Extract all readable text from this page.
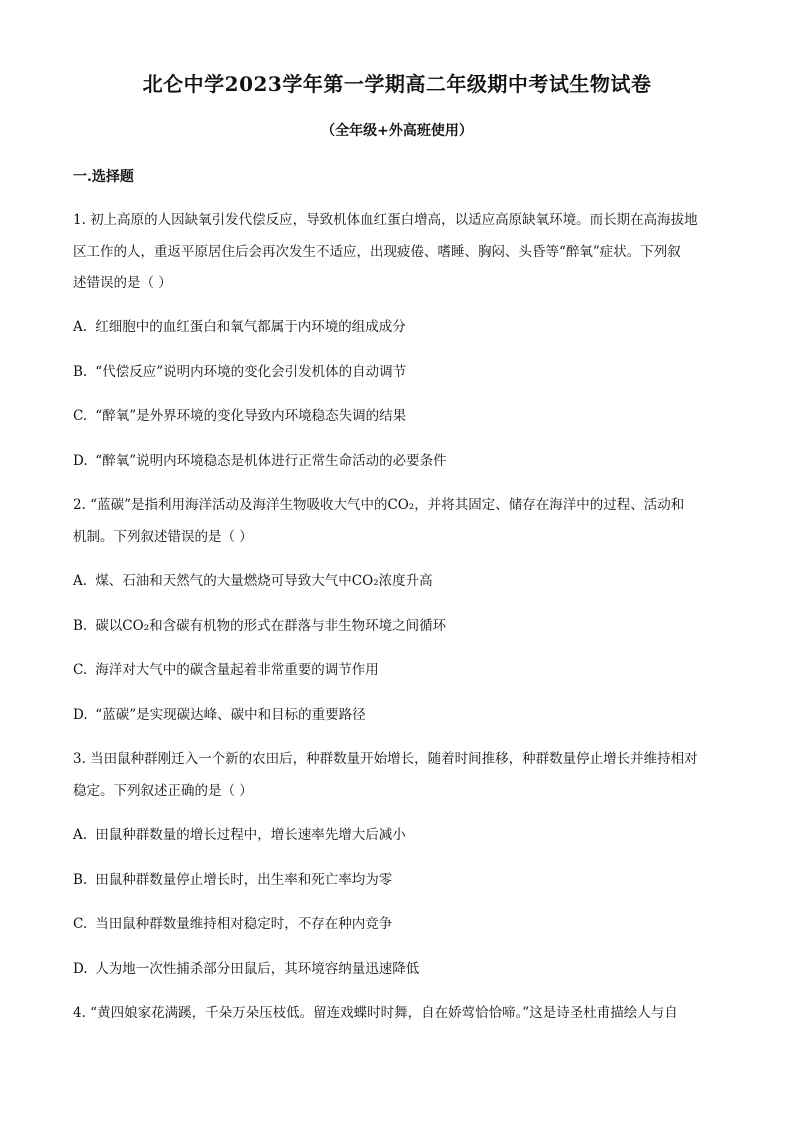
北仑中学2023学年第一学期高二年级期中考试生物试卷
（全年级+外高班使用）
一.选择题
1. 初上高原的人因缺氧引发代偿反应，导致机体血红蛋白增高，以适应高原缺氧环境。而长期在高海拔地
区工作的人，重返平原居住后会再次发生不适应，出现疲倦、嗜睡、胸闷、头昏等“醉氧”症状。下列叙
述错误的是（ ）
A. 红细胞中的血红蛋白和氧气都属于内环境的组成成分
B. “代偿反应”说明内环境的变化会引发机体的自动调节
C. “醉氧”是外界环境的变化导致内环境稳态失调的结果
D. “醉氧”说明内环境稳态是机体进行正常生命活动的必要条件
2. “蓝碳”是指利用海洋活动及海洋生物吸收大气中的CO₂，并将其固定、储存在海洋中的过程、活动和
机制。下列叙述错误的是（ ）
A. 煤、石油和天然气的大量燃烧可导致大气中CO₂浓度升高
B. 碳以CO₂和含碳有机物的形式在群落与非生物环境之间循环
C. 海洋对大气中的碳含量起着非常重要的调节作用
D. “蓝碳”是实现碳达峰、碳中和目标的重要路径
3. 当田鼠种群刚迁入一个新的农田后，种群数量开始增长，随着时间推移，种群数量停止增长并维持相对
稳定。下列叙述正确的是（ ）
A. 田鼠种群数量的增长过程中，增长速率先增大后减小
B. 田鼠种群数量停止增长时，出生率和死亡率均为零
C. 当田鼠种群数量维持相对稳定时，不存在种内竞争
D. 人为地一次性捕杀部分田鼠后，其环境容纳量迅速降低
4. “黄四娘家花满蹊，千朵万朵压枝低。留连戏蝶时时舞，自在娇莺恰恰啼。”这是诗圣杜甫描绘人与自
